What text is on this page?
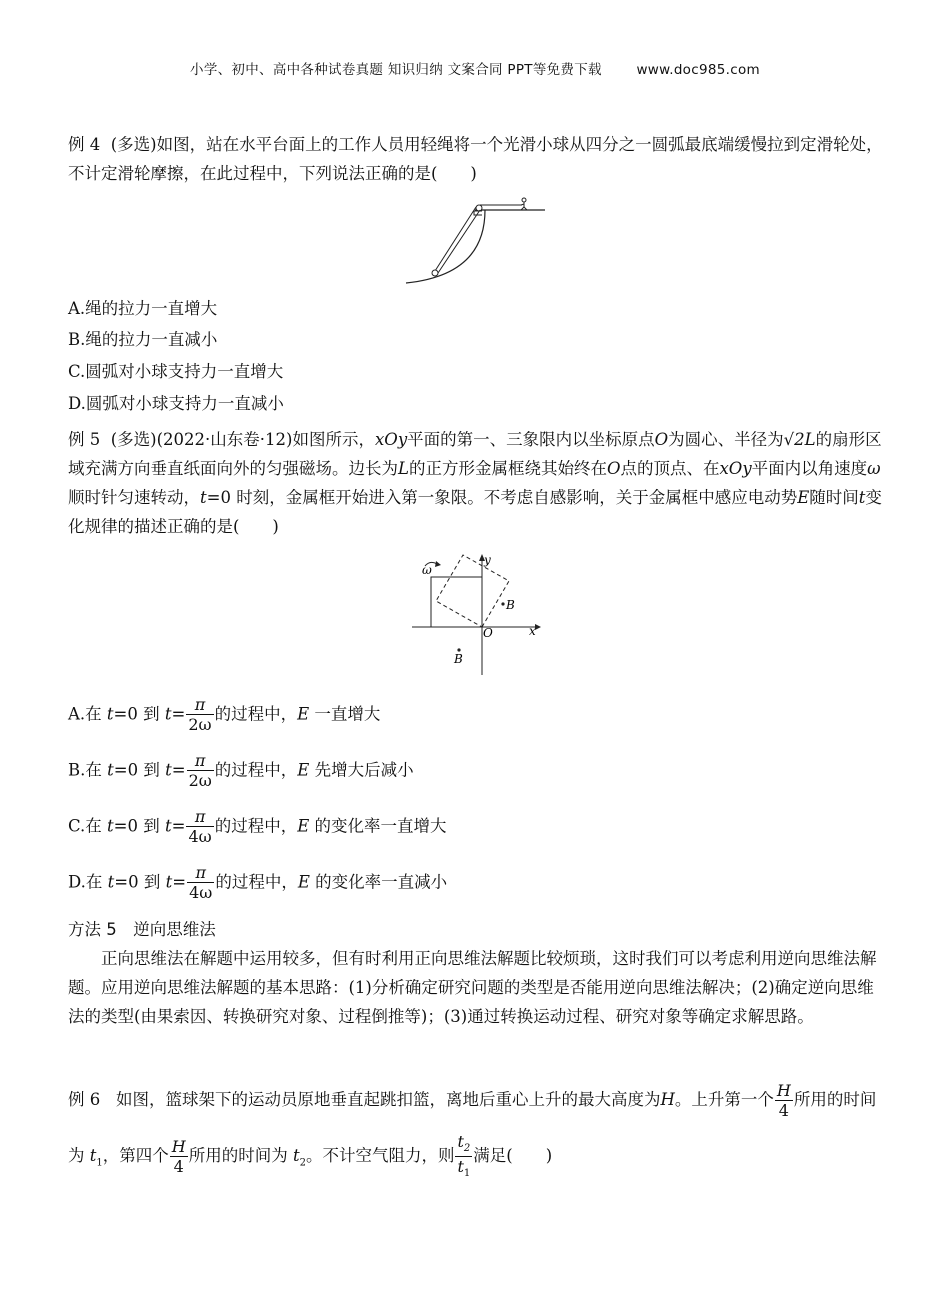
小学、初中、高中各种试卷真题 知识归纳 文案合同 PPT等免费下载	www.doc985.com
例 4 (多选)如图，站在水平台面上的工作人员用轻绳将一个光滑小球从四分之一圆弧最底端缓慢拉到定滑轮处，不计定滑轮摩擦，在此过程中，下列说法正确的是(　　)
A.绳的拉力一直增大
B.绳的拉力一直减小
C.圆弧对小球支持力一直增大
D.圆弧对小球支持力一直减小
例 5 (多选)(2022·山东卷·12)如图所示，xOy平面的第一、三象限内以坐标原点O为圆心、半径为√2L的扇形区域充满方向垂直纸面向外的匀强磁场。边长为L的正方形金属框绕其始终在O点的顶点、在xOy平面内以角速度ω顺时针匀速转动，t=0 时刻，金属框开始进入第一象限。不考虑自感影响，关于金属框中感应电动势E随时间t变化规律的描述正确的是(　　)
ω
y
x
O
B
B
A.在 t=0 到 $t= \frac{\pi}{2\omega}$ 的过程中，E 一直增大
B.在 t=0 到 $t= \frac{\pi}{2\omega}$ 的过程中，E 先增大后减小
C.在 t=0 到 $t= \frac{\pi}{4\omega}$ 的过程中，E 的变化率一直增大
D.在 t=0 到 $t= \frac{\pi}{4\omega}$ 的过程中，E 的变化率一直减小
方法 5　逆向思维法
正向思维法在解题中运用较多，但有时利用正向思维法解题比较烦琐，这时我们可以考虑利用逆向思维法解题。应用逆向思维法解题的基本思路：(1)分析确定研究问题的类型是否能用逆向思维法解决；(2)确定逆向思维法的类型(由果索因、转换研究对象、过程倒推等)；(3)通过转换运动过程、研究对象等确定求解思路。
例 6 如图，篮球架下的运动员原地垂直起跳扣篮，离地后重心上升的最大高度为H。上升第一个 $\frac{H}{4}$ 所用的时间为 $t_1$，第四个 $\frac{H}{4}$ 所用的时间为 $t_2$。不计空气阻力，则 $\frac{t_2}{t_1}$ 满足(　　)
